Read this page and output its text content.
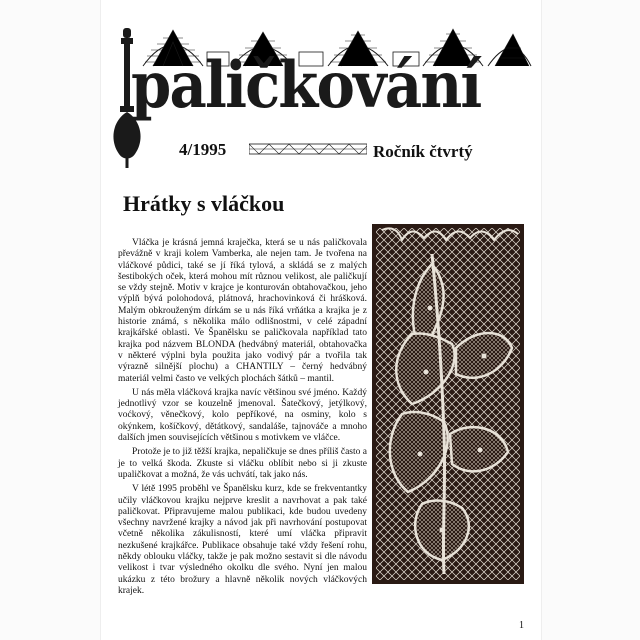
paličkování
4/1995	Ročník čtvrtý
Hrátky s vláčkou

Vláčka je krásná jemná kraječka, která se u nás paličkovala převážně v kraji kolem Vamberka, ale nejen tam. Je tvořena na vláčkové půdici, také se jí říká tylová, a skládá se z malých šestibokých oček, která mohou mít různou velikost, ale paličkují se vždy stejně. Motiv v krajce je konturován obtahovačkou, jeho výplň bývá polohodová, plátnová, hrachovinková či hrášková. Malým obkrouženým dírkám se u nás říká vrňátka a krajka je z historie známá, s několika málo odlišnostmi, v celé západní krajkářské oblasti. Ve Španělsku se paličkovala například tato krajka pod názvem BLONDA (hedvábný materiál, obtahovačka v některé výplni byla použita jako vodivý pár a tvořila tak výrazně silnější plochu) a CHANTILY – černý hedvábný materiál velmi často ve velkých plochách šátků – mantil.

U nás měla vláčková krajka navíc většinou své jméno. Každý jednotlivý vzor se kouzelně jmenoval. Šatečkový, jetýlkový, voćkový, věnečkový, kolo pepříkové, na osminy, kolo s okýnkem, košíčkový, dětátkový, sandaláše, tajnováče a mnoho dalších jmen souvisejících většinou s motivkem ve vláčce.

Protože je to již těžší krajka, nepaličkuje se dnes příliš často a je to velká škoda. Zkuste si vláčku oblíbit nebo si ji zkuste upaličkovat a možná, že vás uchvátí, tak jako nás.

V létě 1995 proběhl ve Španělsku kurz, kde se frekventantky učily vláčkovou krajku nejprve kreslit a navrhovat a pak také paličkovat. Připravujeme malou publikaci, kde budou uvedeny všechny navržené krajky a návod jak při navrhování postupovat včetně několika zákulisností, které umí vláčka připravit nezkušené krajkářce. Publikace obsahuje také vždy řešení rohu, někdy oblouku vláčky, takže je pak možno sestavit si dle návodu velikost i tvar výsledného okolku dle svého. Nyní jen malou ukázku z této brožury a hlavně několik nových vláčkových krajek.

1
